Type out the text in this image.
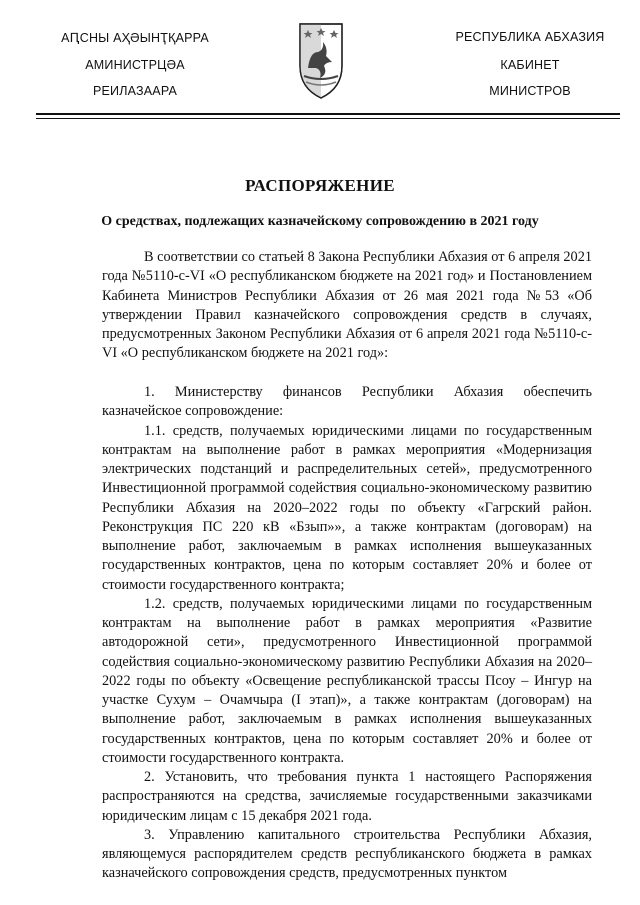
АԤСНЫ АҲӘЫНҬҚАРРА
АМИНИСТРЦӘА
РЕИЛАЗААРА
РЕСПУБЛИКА АБХАЗИЯ
КАБИНЕТ
МИНИСТРОВ
РАСПОРЯЖЕНИЕ
О средствах, подлежащих казначейскому сопровождению в 2021 году

В соответствии со статьей 8 Закона Республики Абхазия от 6 апреля 2021 года №5110-с-VI «О республиканском бюджете на 2021 год» и Постановлением Кабинета Министров Республики Абхазия от 26 мая 2021 года №53 «Об утверждении Правил казначейского сопровождения средств в случаях, предусмотренных Законом Республики Абхазия от 6 апреля 2021 года №5110-с-VI «О республиканском бюджете на 2021 год»:

1. Министерству финансов Республики Абхазия обеспечить казначейское сопровождение:

1.1. средств, получаемых юридическими лицами по государственным контрактам на выполнение работ в рамках мероприятия «Модернизация электрических подстанций и распределительных сетей», предусмотренного Инвестиционной программой содействия социально-экономическому развитию Республики Абхазия на 2020–2022 годы по объекту «Гагрский район. Реконструкция ПС 220 кВ «Бзып»», а также контрактам (договорам) на выполнение работ, заключаемым в рамках исполнения вышеуказанных государственных контрактов, цена по которым составляет 20% и более от стоимости государственного контракта;

1.2. средств, получаемых юридическими лицами по государственным контрактам на выполнение работ в рамках мероприятия «Развитие автодорожной сети», предусмотренного Инвестиционной программой содействия социально-экономическому развитию Республики Абхазия на 2020–2022 годы по объекту «Освещение республиканской трассы Псоу – Ингур на участке Сухум – Очамчыра (I этап)», а также контрактам (договорам) на выполнение работ, заключаемым в рамках исполнения вышеуказанных государственных контрактов, цена по которым составляет 20% и более от стоимости государственного контракта.

2. Установить, что требования пункта 1 настоящего Распоряжения распространяются на средства, зачисляемые государственными заказчиками юридическим лицам с 15 декабря 2021 года.

3. Управлению капитального строительства Республики Абхазия, являющемуся распорядителем средств республиканского бюджета в рамках казначейского сопровождения средств, предусмотренных пунктом
